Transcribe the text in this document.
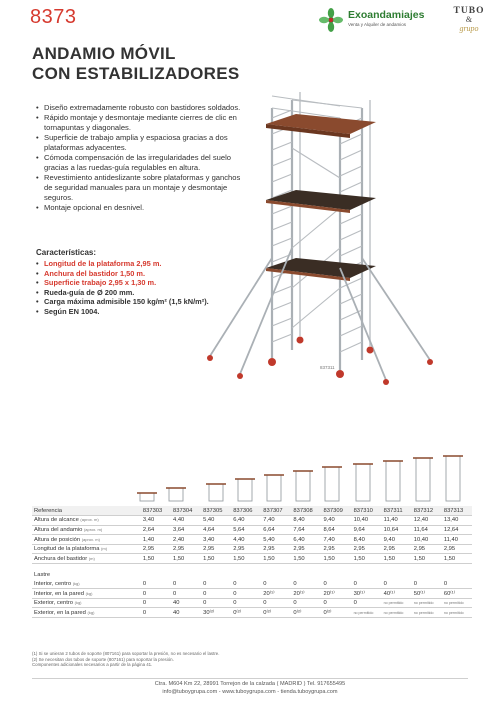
8373	Exoandamiajes
Venta y Alquiler de andamios
TUBO
&
grupo
ANDAMIO MÓVIL
CON ESTABILIZADORES
• Diseño extremadamente robusto con bastidores soldados.
• Rápido montaje y desmontaje mediante cierres de clic en tornapuntas y diagonales.
• Superficie de trabajo amplia y espaciosa gracias a dos plataformas adyacentes.
• Cómoda compensación de las irregularidades del suelo gracias a las ruedas-guía regulables en altura.
• Revestimiento antideslizante sobre plataformas y ganchos de seguridad manuales para un montaje y desmontaje seguros.
• Montaje opcional en desnivel.
Características:
• Longitud de la plataforma 2,95 m.
• Anchura del bastidor 1,50 m.
• Superficie trabajo 2,95 x 1,30 m.
• Rueda-guía de Ø 200 mm.
• Carga máxima admisible 150 kg/m² (1,5 kN/m²).
• Según EN 1004.
837311
Referencia	837303	837304	837305	837306	837307	837308	837309	837310	837311	837312	837313
Altura de alcance (aprox. m)	3,40	4,40	5,40	6,40	7,40	8,40	9,40	10,40	11,40	12,40	13,40
Altura del andamio (aprox. m)	2,64	3,64	4,64	5,64	6,64	7,64	8,64	9,64	10,64	11,64	12,64
Altura de posición (aprox. m)	1,40	2,40	3,40	4,40	5,40	6,40	7,40	8,40	9,40	10,40	11,40
Longitud de la plataforma (m)	2,95	2,95	2,95	2,95	2,95	2,95	2,95	2,95	2,95	2,95	2,95
Anchura del bastidor (m)	1,50	1,50	1,50	1,50	1,50	1,50	1,50	1,50	1,50	1,50	1,50

Lastre											
Interior, centro (kg)	0	0	0	0	0	0	0	0	0	0	0
Interior, en la pared (kg)	0	0	0	0	20⁽¹⁾	20⁽¹⁾	20⁽¹⁾	30⁽¹⁾	40⁽¹⁾	50⁽¹⁾	60⁽¹⁾
Exterior, centro (kg)	0	40	0	0	0	0	0	0	no permitido	no permitido	no permitido
Exterior, en la pared (kg)	0	40	30⁽²⁾	0⁽²⁾	0⁽²⁾	0⁽²⁾	0⁽²⁾	no permitido	no permitido	no permitido	no permitido
(1) Si se unieran 2 tubos de soporte (807161) para soportar la presión, no es necesario el lastre.
(2) Se necesitan dos tubos de soporte (807161) para soportar la presión.
Componentes adicionales necesarios a partir de la página 41.
Ctra. M604 Km 22, 28991 Torrejon de la calzada ( MADRID ) Tel. 917655495
info@tuboygrupa.com - www.tuboygrupa.com - tienda.tuboygrupa.com
